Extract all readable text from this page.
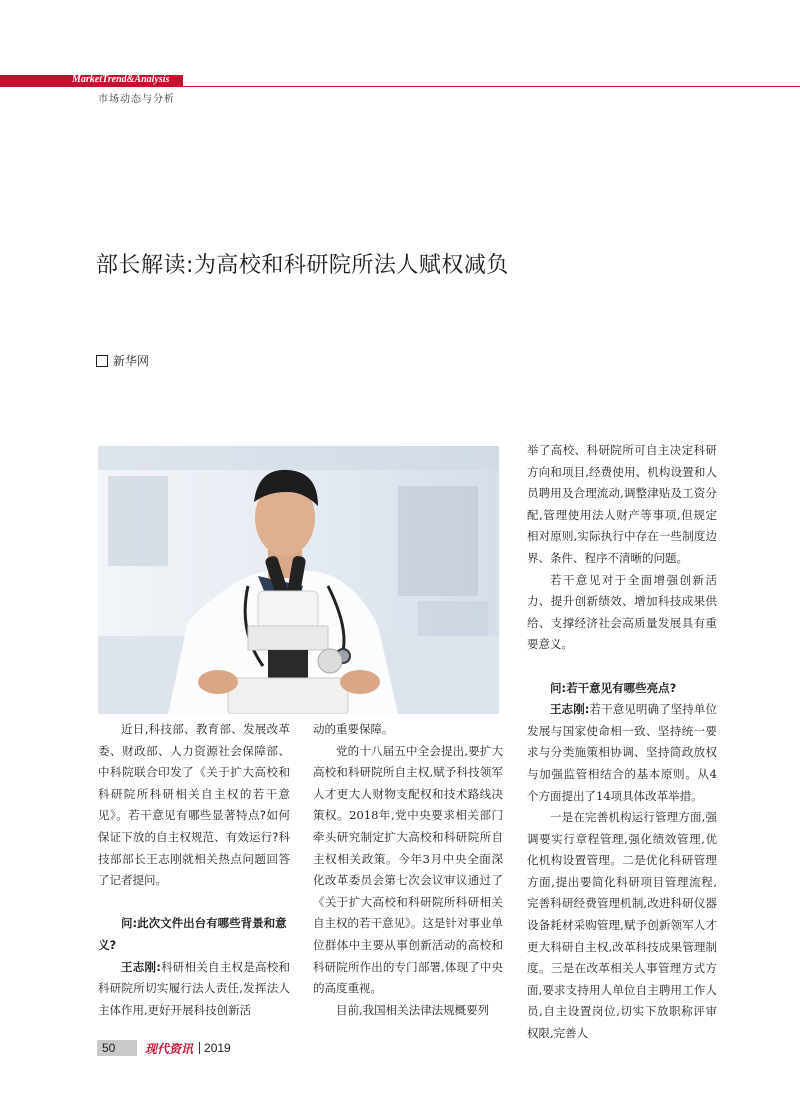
MarketTrend&Analysis
市场动态与分析
部长解读:为高校和科研院所法人赋权减负
新华网

近日,科技部、教育部、发展改革委、财政部、人力资源社会保障部、中科院联合印发了《关于扩大高校和科研院所科研相关自主权的若干意见》。若干意见有哪些显著特点?如何保证下放的自主权规范、有效运行?科技部部长王志刚就相关热点问题回答了记者提问。

问:此次文件出台有哪些背景和意义?

王志刚:科研相关自主权是高校和科研院所切实履行法人责任,发挥法人主体作用,更好开展科技创新活

动的重要保障。

党的十八届五中全会提出,要扩大高校和科研院所自主权,赋予科技领军人才更大人财物支配权和技术路线决策权。2018年,党中央要求相关部门牵头研究制定扩大高校和科研院所自主权相关政策。今年3月中央全面深化改革委员会第七次会议审议通过了《关于扩大高校和科研院所科研相关自主权的若干意见》。这是针对事业单位群体中主要从事创新活动的高校和科研院所作出的专门部署,体现了中央的高度重视。

目前,我国相关法律法规概要列

举了高校、科研院所可自主决定科研方向和项目,经费使用、机构设置和人员聘用及合理流动,调整津贴及工资分配,管理使用法人财产等事项,但规定相对原则,实际执行中存在一些制度边界、条件、程序不清晰的问题。

若干意见对于全面增强创新活力、提升创新绩效、增加科技成果供给、支撑经济社会高质量发展具有重要意义。

问:若干意见有哪些亮点?

王志刚:若干意见明确了坚持单位发展与国家使命相一致、坚持统一要求与分类施策相协调、坚持简政放权与加强监管相结合的基本原则。从4个方面提出了14项具体改革举措。

一是在完善机构运行管理方面,强调要实行章程管理,强化绩效管理,优化机构设置管理。二是优化科研管理方面,提出要简化科研项目管理流程,完善科研经费管理机制,改进科研仪器设备耗材采购管理,赋予创新领军人才更大科研自主权,改革科技成果管理制度。三是在改革相关人事管理方式方面,要求支持用人单位自主聘用工作人员,自主设置岗位,切实下放职称评审权限,完善人

50	现代资讯 2019
